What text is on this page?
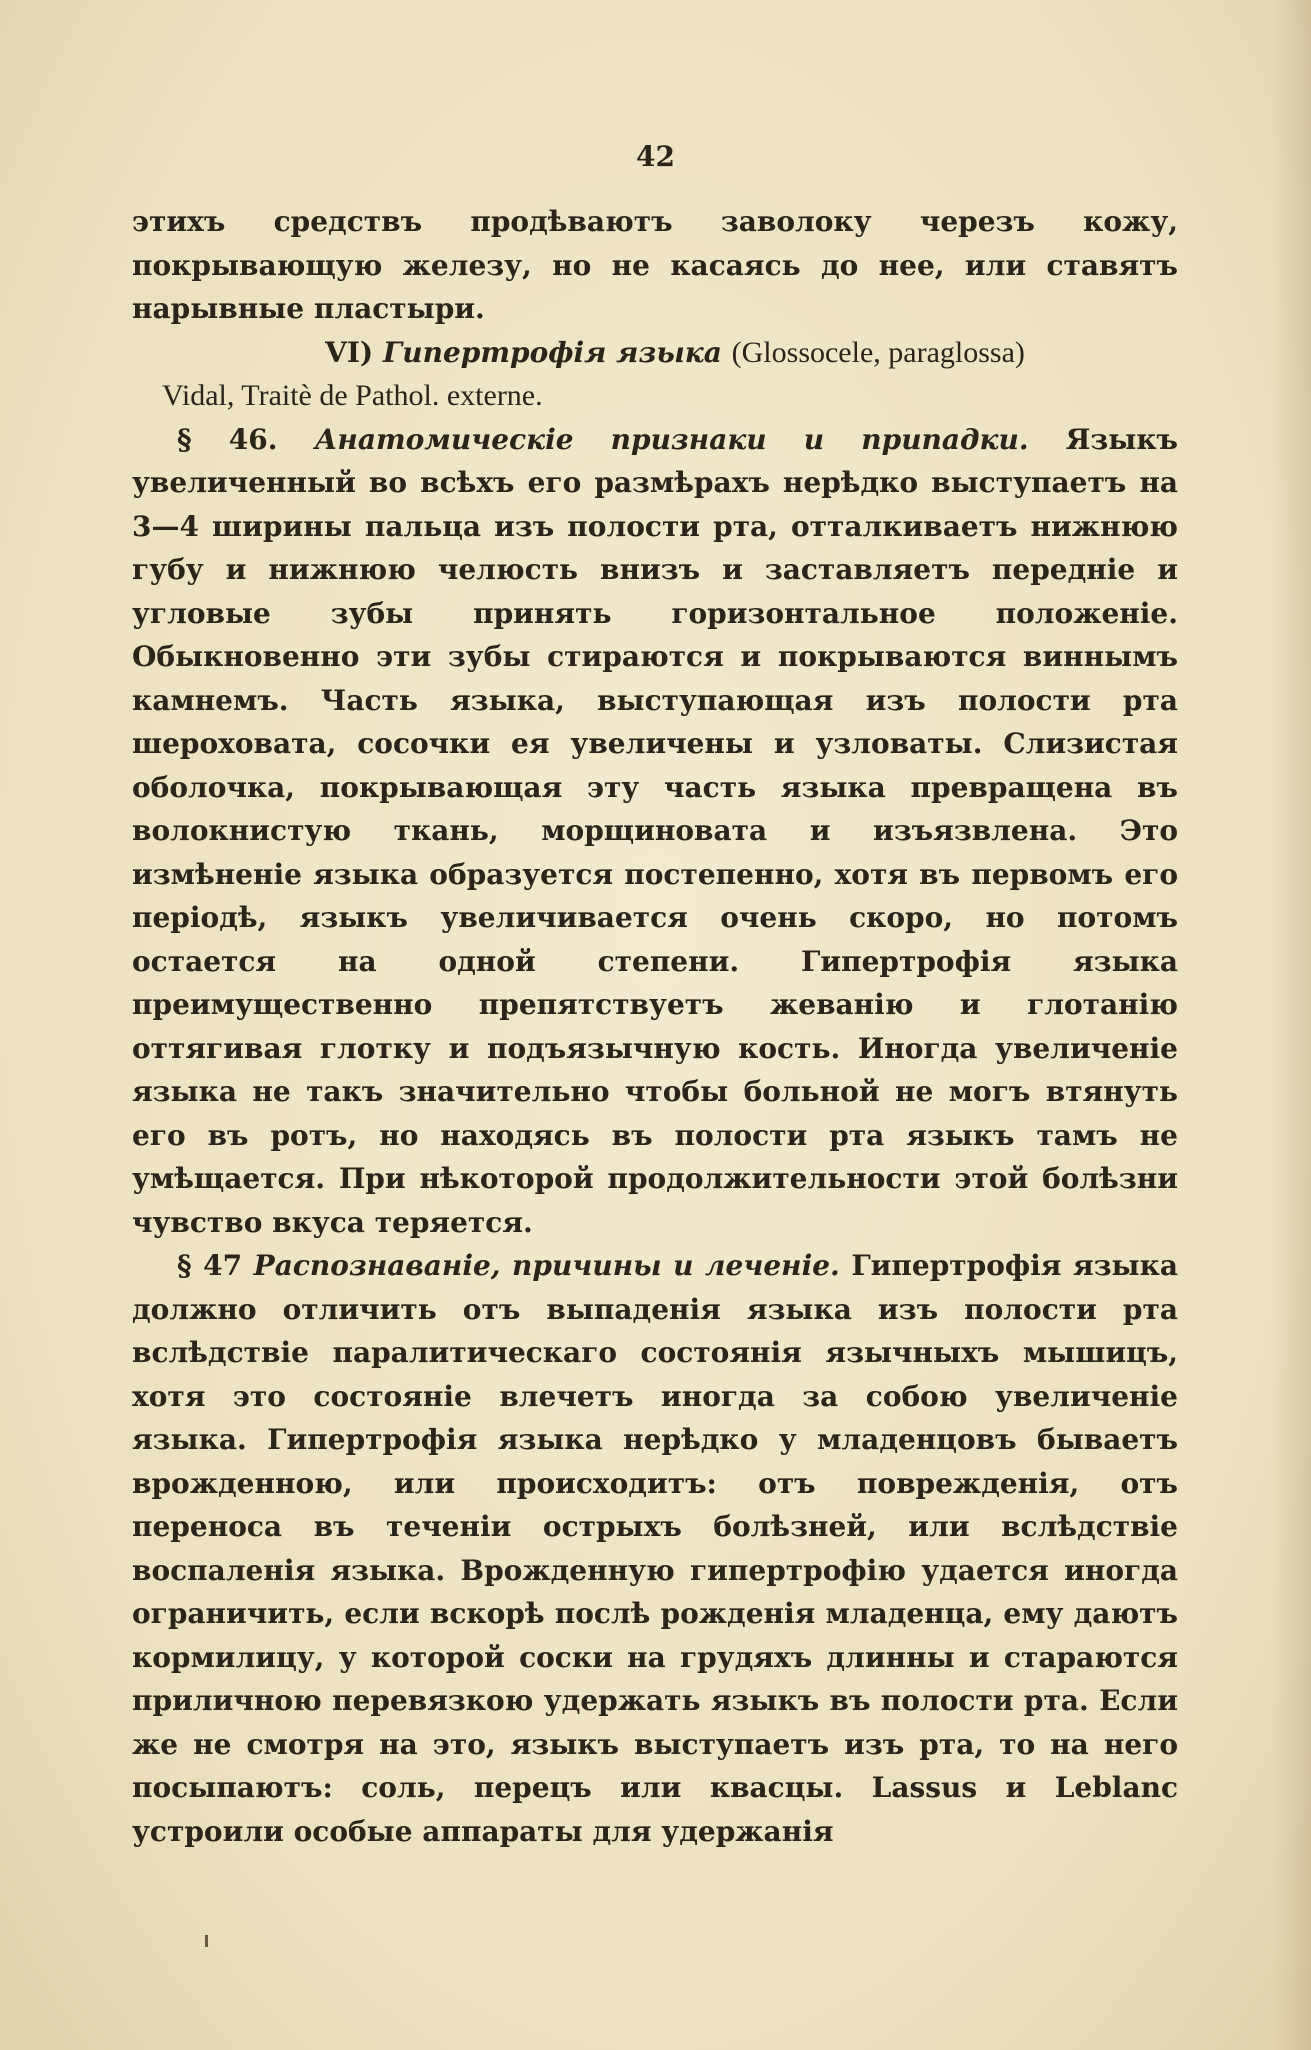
42

этихъ средствъ продѣваютъ заволоку черезъ кожу, покрывающую железу, но не касаясь до нее, или ставятъ нарывные пластыри.

VI) Гипертрофія языка (Glossocele, paraglossa)

Vidal, Traitè de Pathol. externe.

§ 46. Анатомическіе признаки и припадки. Языкъ увеличенный во всѣхъ его размѣрахъ нерѣдко выступаетъ на 3—4 ширины пальца изъ полости рта, отталкиваетъ нижнюю губу и нижнюю челюсть внизъ и заставляетъ передніе и угловые зубы принять горизонтальное положеніе. Обыкновенно эти зубы стираются и покрываются виннымъ камнемъ. Часть языка, выступающая изъ полости рта шероховата, сосочки ея увеличены и узловаты. Слизистая оболочка, покрывающая эту часть языка превращена въ волокнистую ткань, морщиновата и изъязвлена. Это измѣненіе языка образуется постепенно, хотя въ первомъ его періодѣ, языкъ увеличивается очень скоро, но потомъ остается на одной степени. Гипертрофія языка преимущественно препятствуетъ жеванію и глотанію оттягивая глотку и подъязычную кость. Иногда увеличеніе языка не такъ значительно чтобы больной не могъ втянуть его въ ротъ, но находясь въ полости рта языкъ тамъ не умѣщается. При нѣкоторой продолжительности этой болѣзни чувство вкуса теряется.

§ 47 Распознаваніе, причины и леченіе. Гипертрофія языка должно отличить отъ выпаденія языка изъ полости рта вслѣдствіе паралитическаго состоянія язычныхъ мышицъ, хотя это состояніе влечетъ иногда за собою увеличеніе языка. Гипертрофія языка нерѣдко у младенцовъ бываетъ врожденною, или происходитъ: отъ поврежденія, отъ переноса въ теченіи острыхъ болѣзней, или вслѣдствіе воспаленія языка. Врожденную гипертрофію удается иногда ограничить, если вскорѣ послѣ рожденія младенца, ему даютъ кормилицу, у которой соски на грудяхъ длинны и стараются приличною перевязкою удержать языкъ въ полости рта. Если же не смотря на это, языкъ выступаетъ изъ рта, то на него посыпаютъ: соль, перецъ или квасцы. Lassus и Leblanc устроили особые аппараты для удержанія
